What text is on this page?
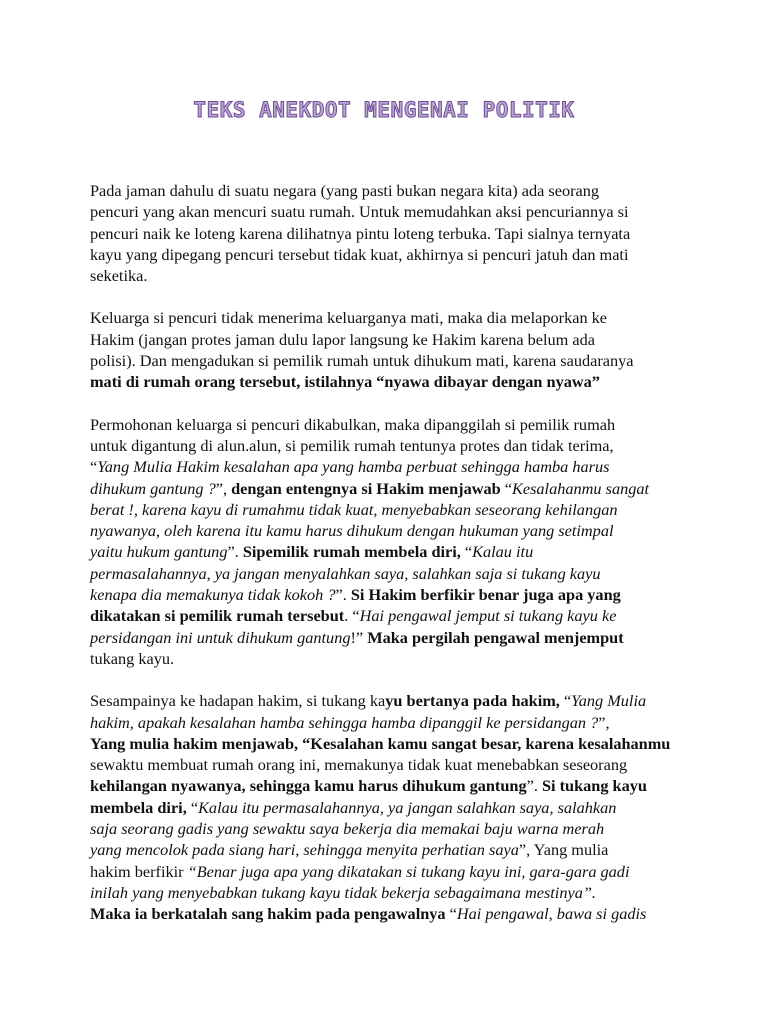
TEKS ANEKDOT MENGENAI POLITIK

Pada jaman dahulu di suatu negara (yang pasti bukan negara kita) ada seorang
pencuri yang akan mencuri suatu rumah. Untuk memudahkan aksi pencuriannya si
pencuri naik ke loteng karena dilihatnya pintu loteng terbuka. Tapi sialnya ternyata
kayu yang dipegang pencuri tersebut tidak kuat, akhirnya si pencuri jatuh dan mati
seketika.

Keluarga si pencuri tidak menerima keluarganya mati, maka dia melaporkan ke
Hakim (jangan protes jaman dulu lapor langsung ke Hakim karena belum ada
polisi). Dan mengadukan si pemilik rumah untuk dihukum mati, karena saudaranya
mati di rumah orang tersebut, istilahnya “nyawa dibayar dengan nyawa”

Permohonan keluarga si pencuri dikabulkan, maka dipanggilah si pemilik rumah
untuk digantung di alun.alun, si pemilik rumah tentunya protes dan tidak terima,
“Yang Mulia Hakim kesalahan apa yang hamba perbuat sehingga hamba harus
dihukum gantung ?”, dengan entengnya si Hakim menjawab “Kesalahanmu sangat
berat !, karena kayu di rumahmu tidak kuat, menyebabkan seseorang kehilangan
nyawanya, oleh karena itu kamu harus dihukum dengan hukuman yang setimpal
yaitu hukum gantung”. Sipemilik rumah membela diri, “Kalau itu
permasalahannya, ya jangan menyalahkan saya, salahkan saja si tukang kayu
kenapa dia memakunya tidak kokoh ?”. Si Hakim berfikir benar juga apa yang
dikatakan si pemilik rumah tersebut. “Hai pengawal jemput si tukang kayu ke
persidangan ini untuk dihukum gantung!” Maka pergilah pengawal menjemput
tukang kayu.

Sesampainya ke hadapan hakim, si tukang kayu bertanya pada hakim, “Yang Mulia
hakim, apakah kesalahan hamba sehingga hamba dipanggil ke persidangan ?”,
Yang mulia hakim menjawab, “Kesalahan kamu sangat besar, karena kesalahanmu
sewaktu membuat rumah orang ini, memakunya tidak kuat menebabkan seseorang
kehilangan nyawanya, sehingga kamu harus dihukum gantung”. Si tukang kayu
membela diri, “Kalau itu permasalahannya, ya jangan salahkan saya, salahkan
saja seorang gadis yang sewaktu saya bekerja dia memakai baju warna merah
yang mencolok pada siang hari, sehingga menyita perhatian saya”, Yang mulia
hakim berfikir “Benar juga apa yang dikatakan si tukang kayu ini, gara-gara gadi
inilah yang menyebabkan tukang kayu tidak bekerja sebagaimana mestinya”.
Maka ia berkatalah sang hakim pada pengawalnya “Hai pengawal, bawa si gadis
